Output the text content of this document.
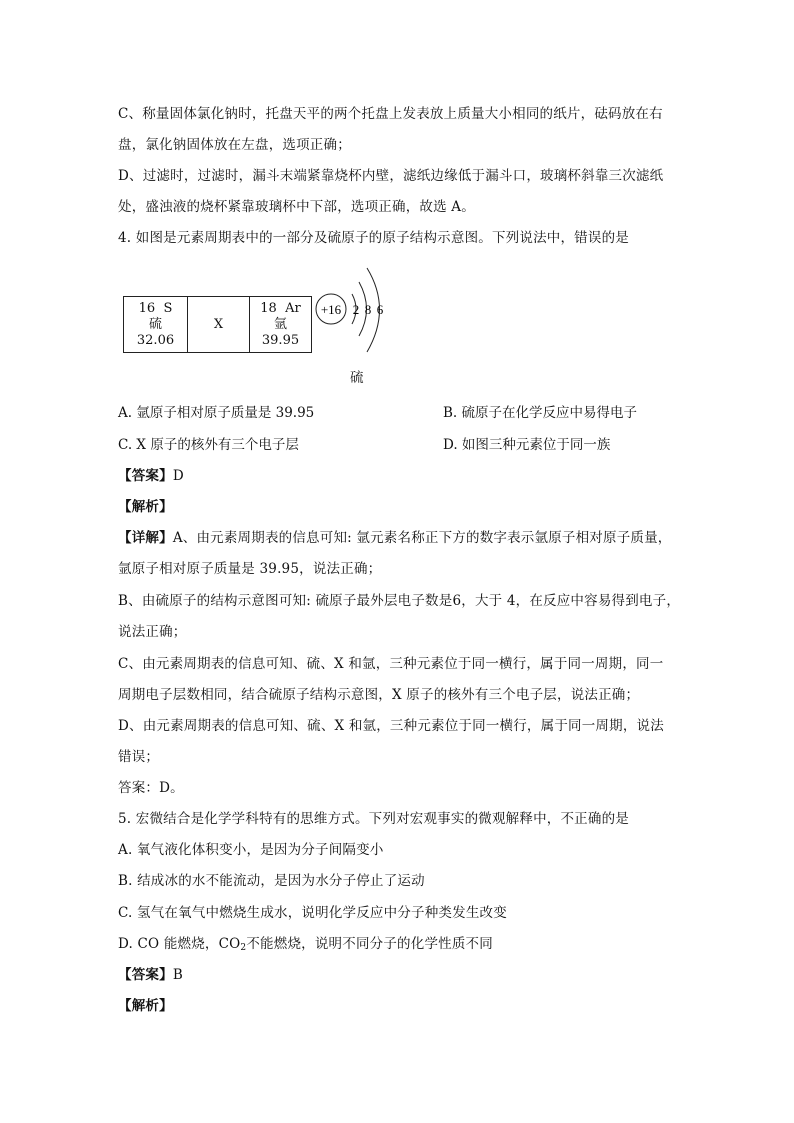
C、称量固体氯化钠时，托盘天平的两个托盘上发表放上质量大小相同的纸片，砝码放在右
盘，氯化钠固体放在左盘，选项正确；
D、过滤时，过滤时，漏斗末端紧靠烧杯内壁，滤纸边缘低于漏斗口，玻璃杯斜靠三次滤纸
处，盛浊液的烧杯紧靠玻璃杯中下部，选项正确，故选 A。
4. 如图是元素周期表中的一部分及硫原子的原子结构示意图。下列说法中，错误的是
16 S
硫
32.06
X
18 Ar
氩
39.95
+16 2 8 6
硫
A. 氩原子相对原子质量是 39.95	B. 硫原子在化学反应中易得电子
C. X 原子的核外有三个电子层	D. 如图三种元素位于同一族
【答案】D
【解析】
【详解】A、由元素周期表的信息可知: 氩元素名称正下方的数字表示氩原子相对原子质量，
氩原子相对原子质量是 39.95，说法正确；
B、由硫原子的结构示意图可知: 硫原子最外层电子数是6，大于 4，在反应中容易得到电子，
说法正确；
C、由元素周期表的信息可知、硫、X 和氩，三种元素位于同一横行，属于同一周期，同一
周期电子层数相同，结合硫原子结构示意图，X 原子的核外有三个电子层，说法正确；
D、由元素周期表的信息可知、硫、X 和氩，三种元素位于同一横行，属于同一周期，说法
错误；
答案：D。
5. 宏微结合是化学学科特有的思维方式。下列对宏观事实的微观解释中，不正确的是
A. 氧气液化体积变小，是因为分子间隔变小
B. 结成冰的水不能流动，是因为水分子停止了运动
C. 氢气在氧气中燃烧生成水，说明化学反应中分子种类发生改变
D. CO 能燃烧，$CO_2$不能燃烧，说明不同分子的化学性质不同
【答案】B
【解析】
